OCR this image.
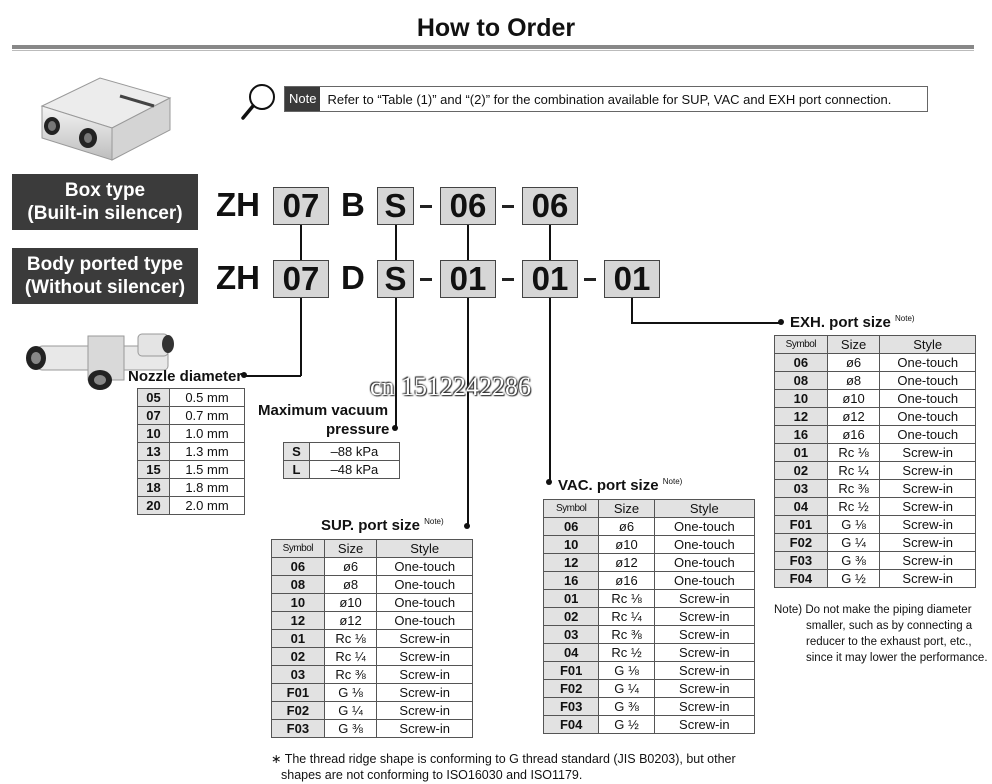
How to Order
Note Refer to “Table (1)” and “(2)” for the combination available for SUP, VAC and EXH port connection.
Box type
(Built-in silencer)
Body ported type
(Without silencer)
ZH 07 B S 06 06
ZH 07 D S 01 01 01
Nozzle diameter
05	0.5 mm
07	0.7 mm
10	1.0 mm
13	1.3 mm
15	1.5 mm
18	1.8 mm
20	2.0 mm
Maximum vacuum
pressure
S	–88 kPa
L	–48 kPa
SUP. port size $^{Note)}$
Symbol	Size	Style
06	ø6	One-touch
08	ø8	One-touch
10	ø10	One-touch
12	ø12	One-touch
01	Rc ⅛	Screw-in
02	Rc ¼	Screw-in
03	Rc ⅜	Screw-in
F01	G ⅛	Screw-in
F02	G ¼	Screw-in
F03	G ⅜	Screw-in
VAC. port size $^{Note)}$
Symbol	Size	Style
06	ø6	One-touch
10	ø10	One-touch
12	ø12	One-touch
16	ø16	One-touch
01	Rc ⅛	Screw-in
02	Rc ¼	Screw-in
03	Rc ⅜	Screw-in
04	Rc ½	Screw-in
F01	G ⅛	Screw-in
F02	G ¼	Screw-in
F03	G ⅜	Screw-in
F04	G ½	Screw-in
EXH. port size $^{Note)}$
Symbol	Size	Style
06	ø6	One-touch
08	ø8	One-touch
10	ø10	One-touch
12	ø12	One-touch
16	ø16	One-touch
01	Rc ⅛	Screw-in
02	Rc ¼	Screw-in
03	Rc ⅜	Screw-in
04	Rc ½	Screw-in
F01	G ⅛	Screw-in
F02	G ¼	Screw-in
F03	G ⅜	Screw-in
F04	G ½	Screw-in
Note) Do not make the piping diameter
smaller, such as by connecting a
reducer to the exhaust port, etc.,
since it may lower the performance.
∗ The thread ridge shape is conforming to G thread standard (JIS B0203), but other
shapes are not conforming to ISO16030 and ISO1179.
cn 1512242286
